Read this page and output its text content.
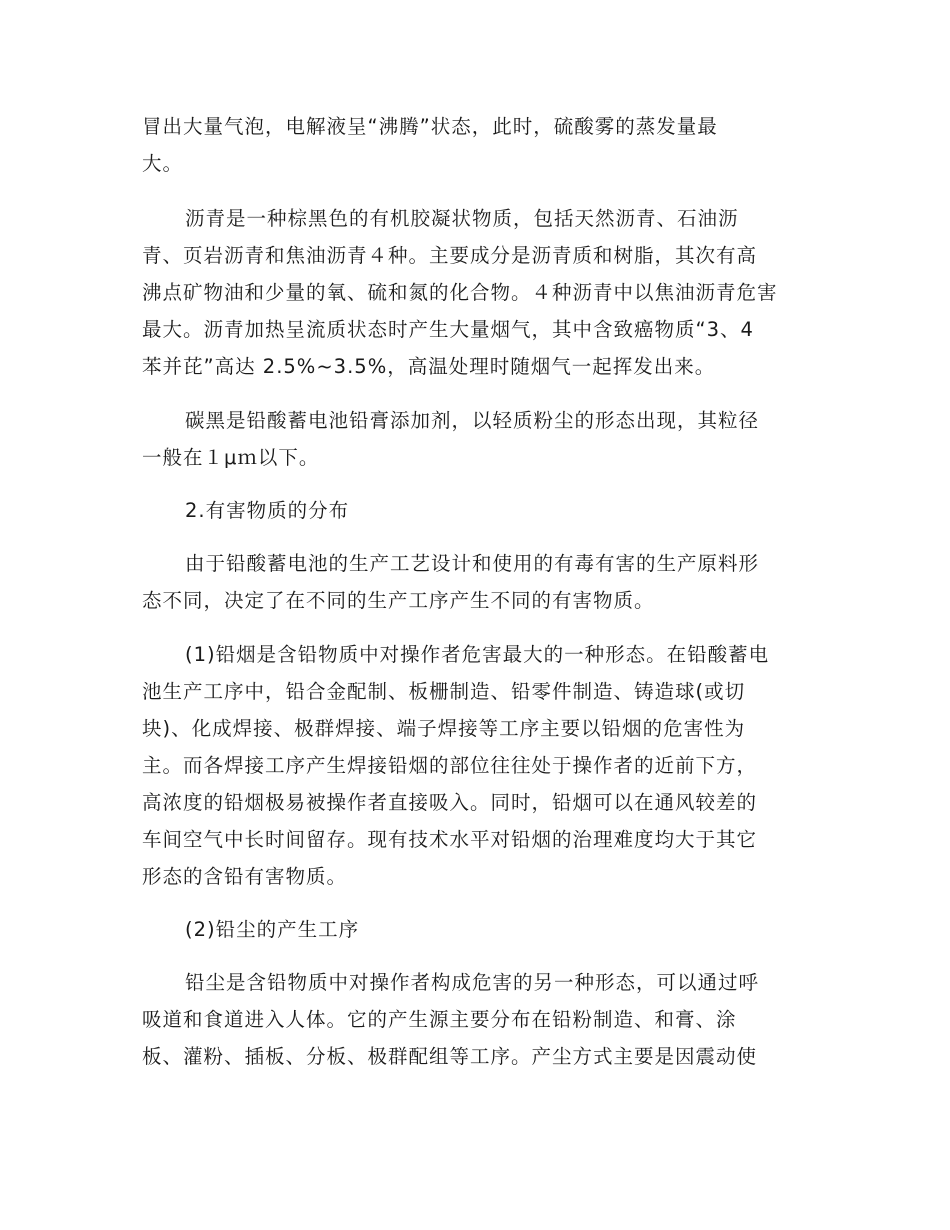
冒出大量气泡，电解液呈“沸腾”状态，此时，硫酸雾的蒸发量最
大。
沥青是一种棕黑色的有机胶凝状物质，包括天然沥青、石油沥
青、页岩沥青和焦油沥青４种。主要成分是沥青质和树脂，其次有高
沸点矿物油和少量的氧、硫和氮的化合物。４种沥青中以焦油沥青危害
最大。沥青加热呈流质状态时产生大量烟气，其中含致癌物质“3、4
苯并芘”高达 2.5%~3.5%，高温处理时随烟气一起挥发出来。
碳黑是铅酸蓄电池铅膏添加剂，以轻质粉尘的形态出现，其粒径
一般在１μｍ以下。
2.有害物质的分布
由于铅酸蓄电池的生产工艺设计和使用的有毒有害的生产原料形
态不同，决定了在不同的生产工序产生不同的有害物质。
(1)铅烟是含铅物质中对操作者危害最大的一种形态。在铅酸蓄电
池生产工序中，铅合金配制、板栅制造、铅零件制造、铸造球(或切
块)、化成焊接、极群焊接、端子焊接等工序主要以铅烟的危害性为
主。而各焊接工序产生焊接铅烟的部位往往处于操作者的近前下方，
高浓度的铅烟极易被操作者直接吸入。同时，铅烟可以在通风较差的
车间空气中长时间留存。现有技术水平对铅烟的治理难度均大于其它
形态的含铅有害物质。
(2)铅尘的产生工序
铅尘是含铅物质中对操作者构成危害的另一种形态，可以通过呼
吸道和食道进入人体。它的产生源主要分布在铅粉制造、和膏、涂
板、灌粉、插板、分板、极群配组等工序。产尘方式主要是因震动使
